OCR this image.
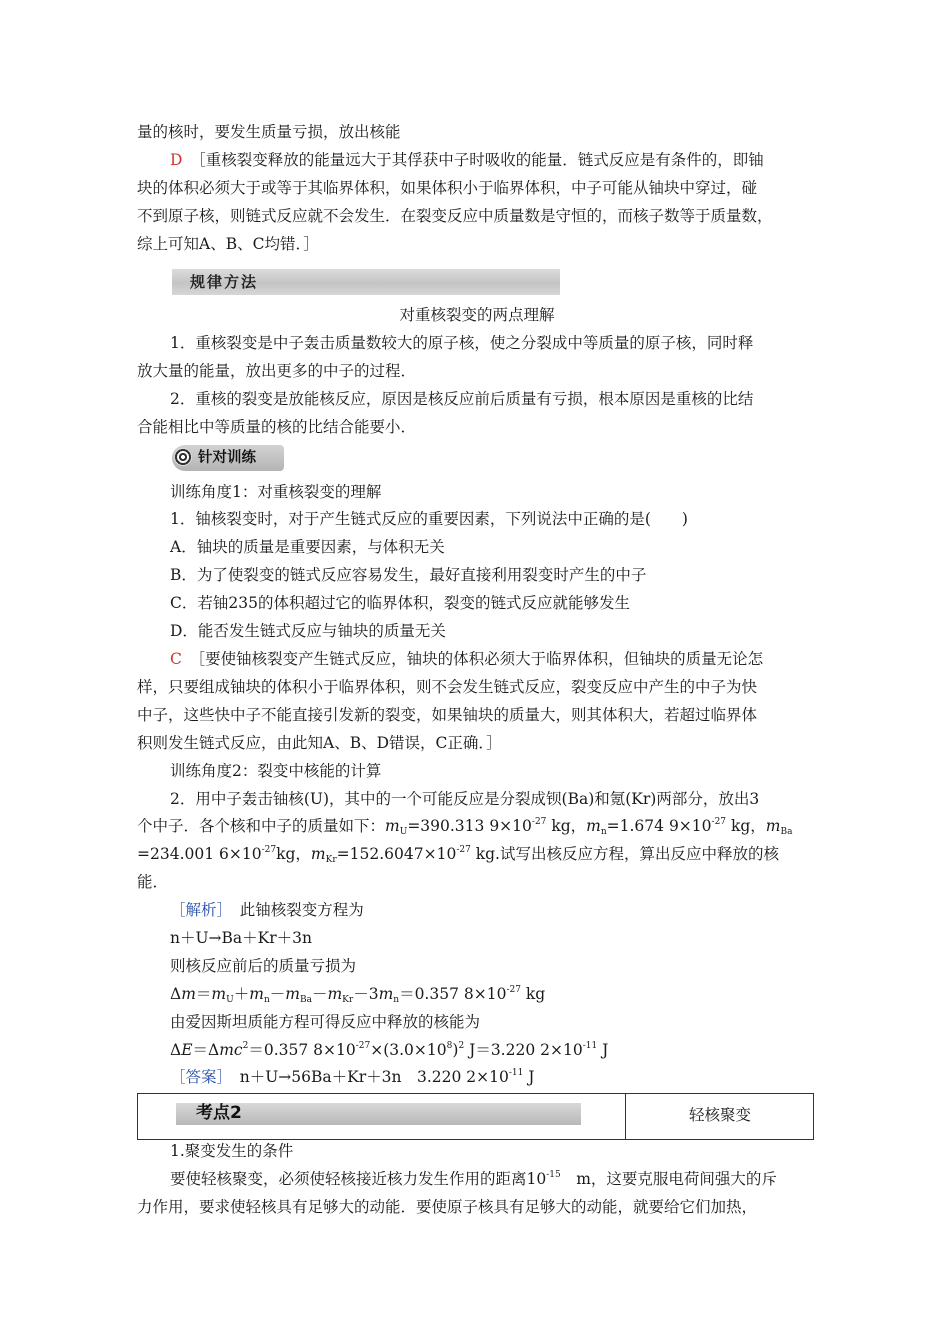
量的核时，要发生质量亏损，放出核能
D　 ［重核裂变释放的能量远大于其俘获中子时吸收的能量．链式反应是有条件的，即铀
块的体积必须大于或等于其临界体积，如果体积小于临界体积，中子可能从铀块中穿过，碰
不到原子核，则链式反应就不会发生．在裂变反应中质量数是守恒的，而核子数等于质量数，
综上可知A、B、C均错．］
规律方法
对重核裂变的两点理解
1．重核裂变是中子轰击质量数较大的原子核，使之分裂成中等质量的原子核，同时释
放大量的能量，放出更多的中子的过程．
2．重核的裂变是放能核反应，原因是核反应前后质量有亏损，根本原因是重核的比结
合能相比中等质量的核的比结合能要小．
针对训练
训练角度1：对重核裂变的理解
1．铀核裂变时，对于产生链式反应的重要因素，下列说法中正确的是(　　)
A．铀块的质量是重要因素，与体积无关
B．为了使裂变的链式反应容易发生，最好直接利用裂变时产生的中子
C．若铀235的体积超过它的临界体积，裂变的链式反应就能够发生
D．能否发生链式反应与铀块的质量无关
C　 ［要使铀核裂变产生链式反应，铀块的体积必须大于临界体积，但铀块的质量无论怎
样，只要组成铀块的体积小于临界体积，则不会发生链式反应，裂变反应中产生的中子为快
中子，这些快中子不能直接引发新的裂变，如果铀块的质量大，则其体积大，若超过临界体
积则发生链式反应，由此知A、B、D错误，C正确．］
训练角度2：裂变中核能的计算
2．用中子轰击铀核(U)，其中的一个可能反应是分裂成钡(Ba)和氪(Kr)两部分，放出3
个中子．各个核和中子的质量如下：$m_U=390.313$ $9\times 10^{-27}$ kg，$m_n=1.674$ $9\times 10^{-27}$ kg，$m_{Ba}$
=234.001 $6\times 10^{-27}kg$，$m_{Kr}=152.6047\times 10^{-27}$ kg.试写出核反应方程，算出反应中释放的核
能．
［解析］　此铀核裂变方程为
n＋U→Ba＋Kr＋3n
则核反应前后的质量亏损为
$\Delta m=m_U+m_n-m_{Ba}-m_{Kr}-3m_n=0.357$ $8\times 10^{-27}$ kg
由爱因斯坦质能方程可得反应中释放的核能为
ΔE＝Δmc$^2$＝0.357 $8\times 10^{-27}\times(3.0\times 10^8)^2$ J＝3.220 $2\times 10^{-11}$ J
［答案］　n＋U→56Ba＋Kr＋3n　3.220 $2\times 10^{-11}$ J
考点2	轻核聚变
1.聚变发生的条件
要使轻核聚变，必须使轻核接近核力发生作用的距离$10^{-15}$　m，这要克服电荷间强大的斥
力作用，要求使轻核具有足够大的动能．要使原子核具有足够大的动能，就要给它们加热，
